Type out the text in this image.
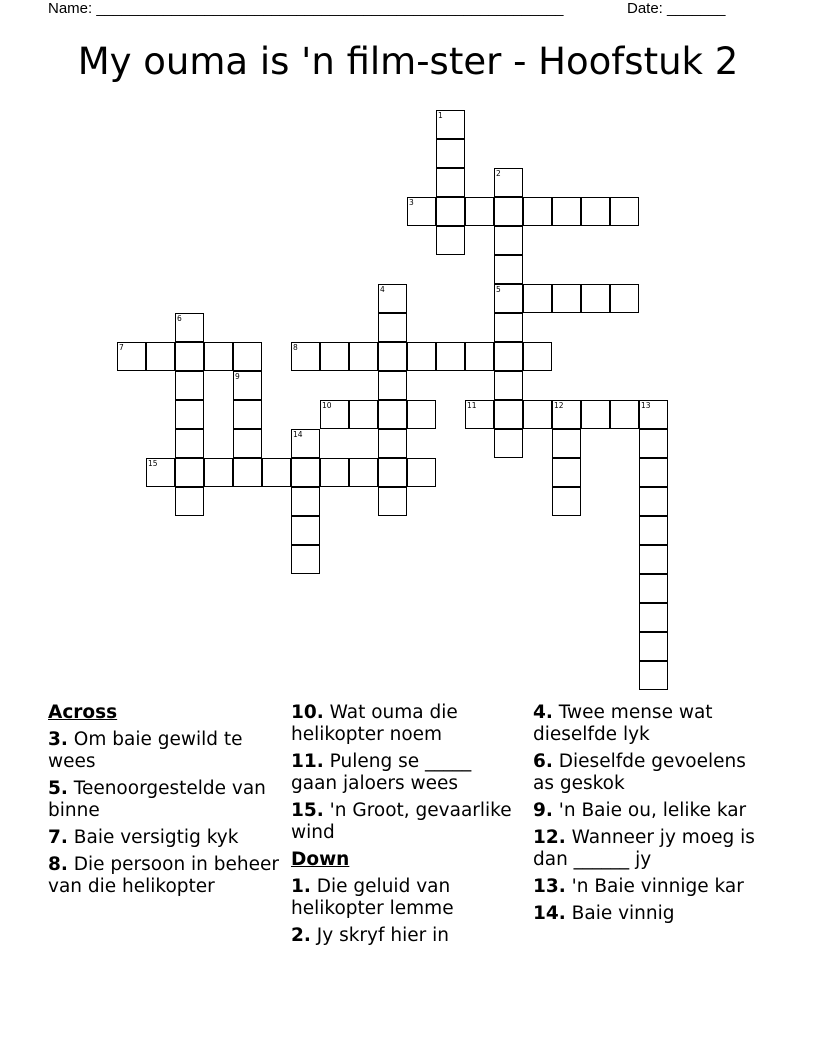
Name: ________________________________________________________	Date: _______
My ouma is 'n film-ster - Hoofstuk 2
1
2
5
3
4
6
7	8
9
10	11	12	13
14
15
Across
3. Om baie gewild te wees
5. Teenoorgestelde van binne
7. Baie versigtig kyk
8. Die persoon in beheer van die helikopter
10. Wat ouma die helikopter noem
11. Puleng se _____ gaan jaloers wees
15. 'n Groot, gevaarlike wind
Down
1. Die geluid van helikopter lemme
2. Jy skryf hier in
4. Twee mense wat dieselfde lyk
6. Dieselfde gevoelens as geskok
9. 'n Baie ou, lelike kar
12. Wanneer jy moeg is dan ______ jy
13. 'n Baie vinnige kar
14. Baie vinnig
